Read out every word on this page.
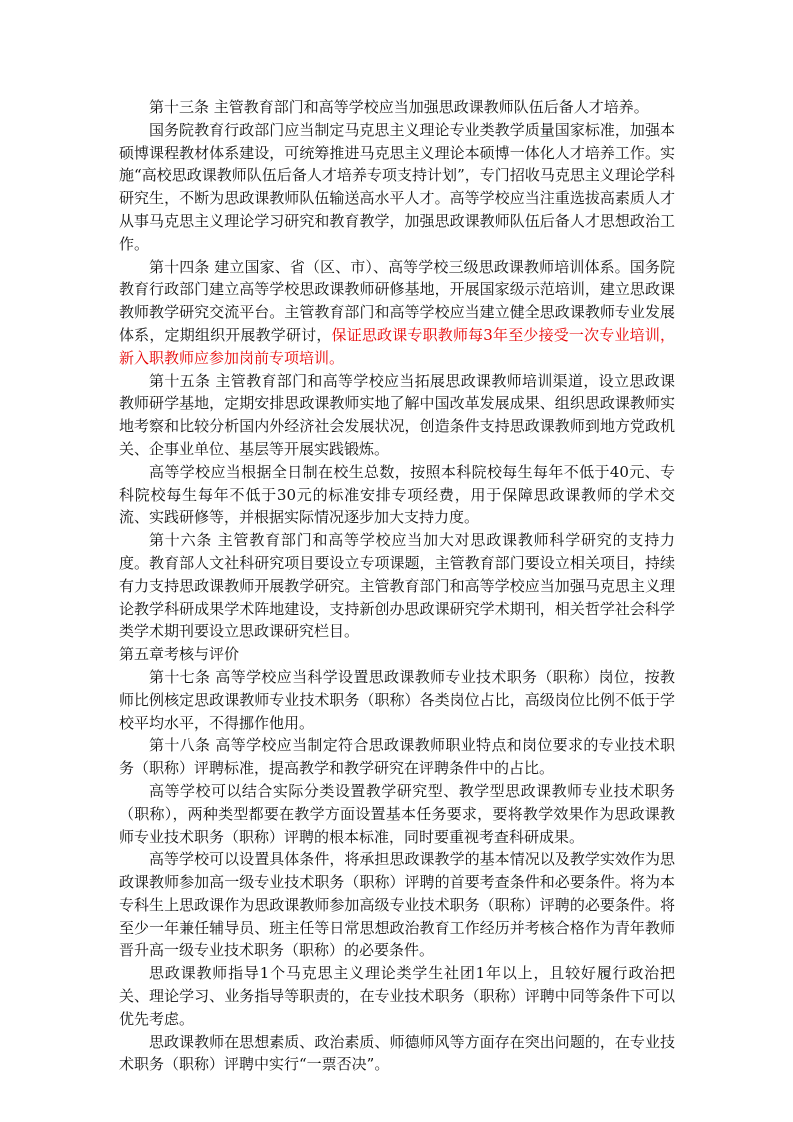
第十三条 主管教育部门和高等学校应当加强思政课教师队伍后备人才培养。

国务院教育行政部门应当制定马克思主义理论专业类教学质量国家标准，加强本硕博课程教材体系建设，可统筹推进马克思主义理论本硕博一体化人才培养工作。实施“高校思政课教师队伍后备人才培养专项支持计划”，专门招收马克思主义理论学科研究生，不断为思政课教师队伍输送高水平人才。高等学校应当注重选拔高素质人才从事马克思主义理论学习研究和教育教学，加强思政课教师队伍后备人才思想政治工作。

第十四条 建立国家、省（区、市）、高等学校三级思政课教师培训体系。国务院教育行政部门建立高等学校思政课教师研修基地，开展国家级示范培训，建立思政课教师教学研究交流平台。主管教育部门和高等学校应当建立健全思政课教师专业发展体系，定期组织开展教学研讨，保证思政课专职教师每3年至少接受一次专业培训，新入职教师应参加岗前专项培训。

第十五条 主管教育部门和高等学校应当拓展思政课教师培训渠道，设立思政课教师研学基地，定期安排思政课教师实地了解中国改革发展成果、组织思政课教师实地考察和比较分析国内外经济社会发展状况，创造条件支持思政课教师到地方党政机关、企事业单位、基层等开展实践锻炼。

高等学校应当根据全日制在校生总数，按照本科院校每生每年不低于40元、专科院校每生每年不低于30元的标准安排专项经费，用于保障思政课教师的学术交流、实践研修等，并根据实际情况逐步加大支持力度。

第十六条 主管教育部门和高等学校应当加大对思政课教师科学研究的支持力度。教育部人文社科研究项目要设立专项课题，主管教育部门要设立相关项目，持续有力支持思政课教师开展教学研究。主管教育部门和高等学校应当加强马克思主义理论教学科研成果学术阵地建设，支持新创办思政课研究学术期刊，相关哲学社会科学类学术期刊要设立思政课研究栏目。

第五章考核与评价

第十七条 高等学校应当科学设置思政课教师专业技术职务（职称）岗位，按教师比例核定思政课教师专业技术职务（职称）各类岗位占比，高级岗位比例不低于学校平均水平，不得挪作他用。

第十八条 高等学校应当制定符合思政课教师职业特点和岗位要求的专业技术职务（职称）评聘标准，提高教学和教学研究在评聘条件中的占比。

高等学校可以结合实际分类设置教学研究型、教学型思政课教师专业技术职务（职称），两种类型都要在教学方面设置基本任务要求，要将教学效果作为思政课教师专业技术职务（职称）评聘的根本标准，同时要重视考查科研成果。

高等学校可以设置具体条件，将承担思政课教学的基本情况以及教学实效作为思政课教师参加高一级专业技术职务（职称）评聘的首要考查条件和必要条件。将为本专科生上思政课作为思政课教师参加高级专业技术职务（职称）评聘的必要条件。将至少一年兼任辅导员、班主任等日常思想政治教育工作经历并考核合格作为青年教师晋升高一级专业技术职务（职称）的必要条件。

思政课教师指导1个马克思主义理论类学生社团1年以上，且较好履行政治把关、理论学习、业务指导等职责的，在专业技术职务（职称）评聘中同等条件下可以优先考虑。

思政课教师在思想素质、政治素质、师德师风等方面存在突出问题的，在专业技术职务（职称）评聘中实行“一票否决”。
